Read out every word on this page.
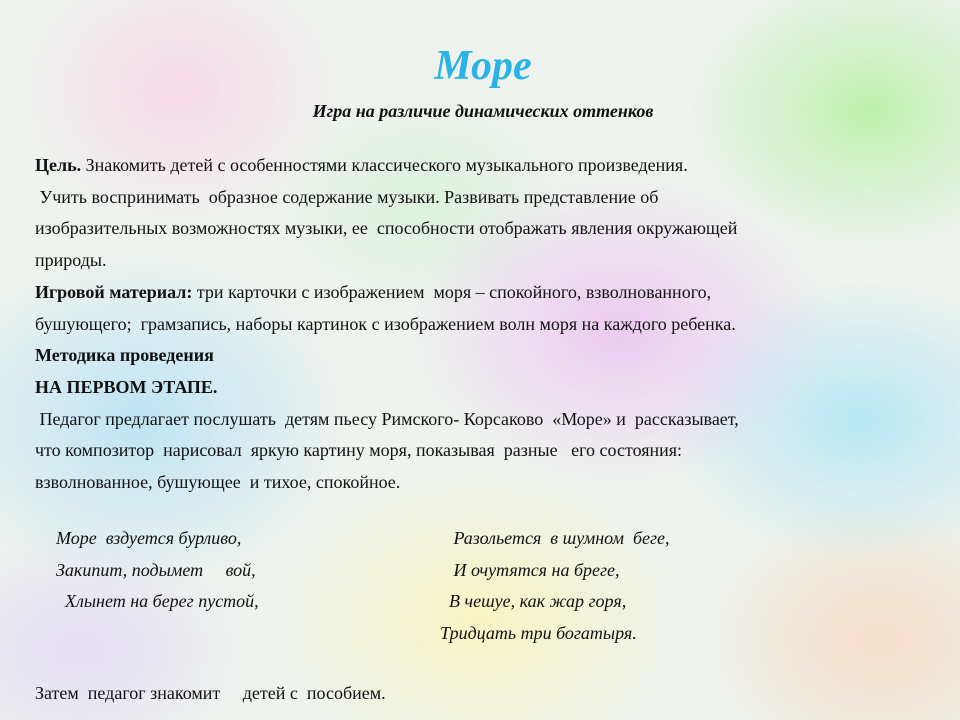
Море
Игра на различие динамических оттенков

Цель. Знакомить детей с особенностями классического музыкального произведения.

Учить воспринимать  образное содержание музыки. Развивать представление об

изобразительных возможностях музыки, ее  способности отображать явления окружающей

природы.

Игровой материал: три карточки с изображением  моря – спокойного, взволнованного,

бушующего;  грамзапись, наборы картинок с изображением волн моря на каждого ребенка.

Методика проведения

НА ПЕРВОМ ЭТАПЕ.

Педагог предлагает послушать  детям пьесу Римского- Корсаково  «Море» и  рассказывает,

что композитор  нарисовал  яркую картину моря, показывая  разные   его состояния:

взволнованное, бушующее  и тихое, спокойное.

Море  вздуется бурливо,

Закипит, подымет     вой,

Хлынет на берег пустой,

Разольется  в шумном  беге,

И очутятся на бреге,

В чешуе, как жар горя,

Тридцать три богатыря.

Затем  педагог знакомит     детей с  пособием.
